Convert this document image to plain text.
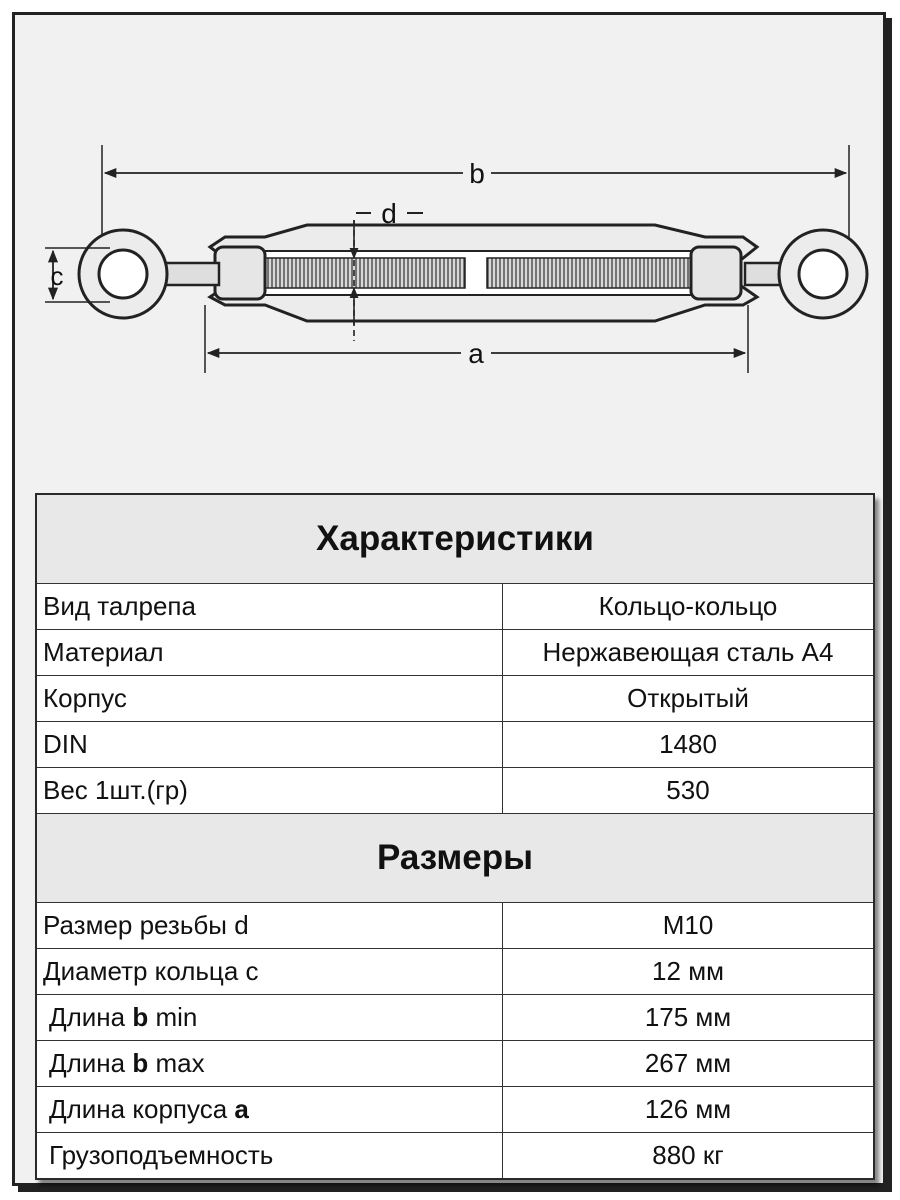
b
c
d
a
Характеристики
Вид талрепа	Кольцо-кольцо
Материал	Нержавеющая сталь А4
Корпус	Открытый
DIN	1480
Вес 1шт.(гр)	530
Размеры
Размер резьбы d	М10
Диаметр кольца c	12 мм
Длина b min	175 мм
Длина b max	267 мм
Длина корпуса a	126 мм
Грузоподъемность	880 кг
